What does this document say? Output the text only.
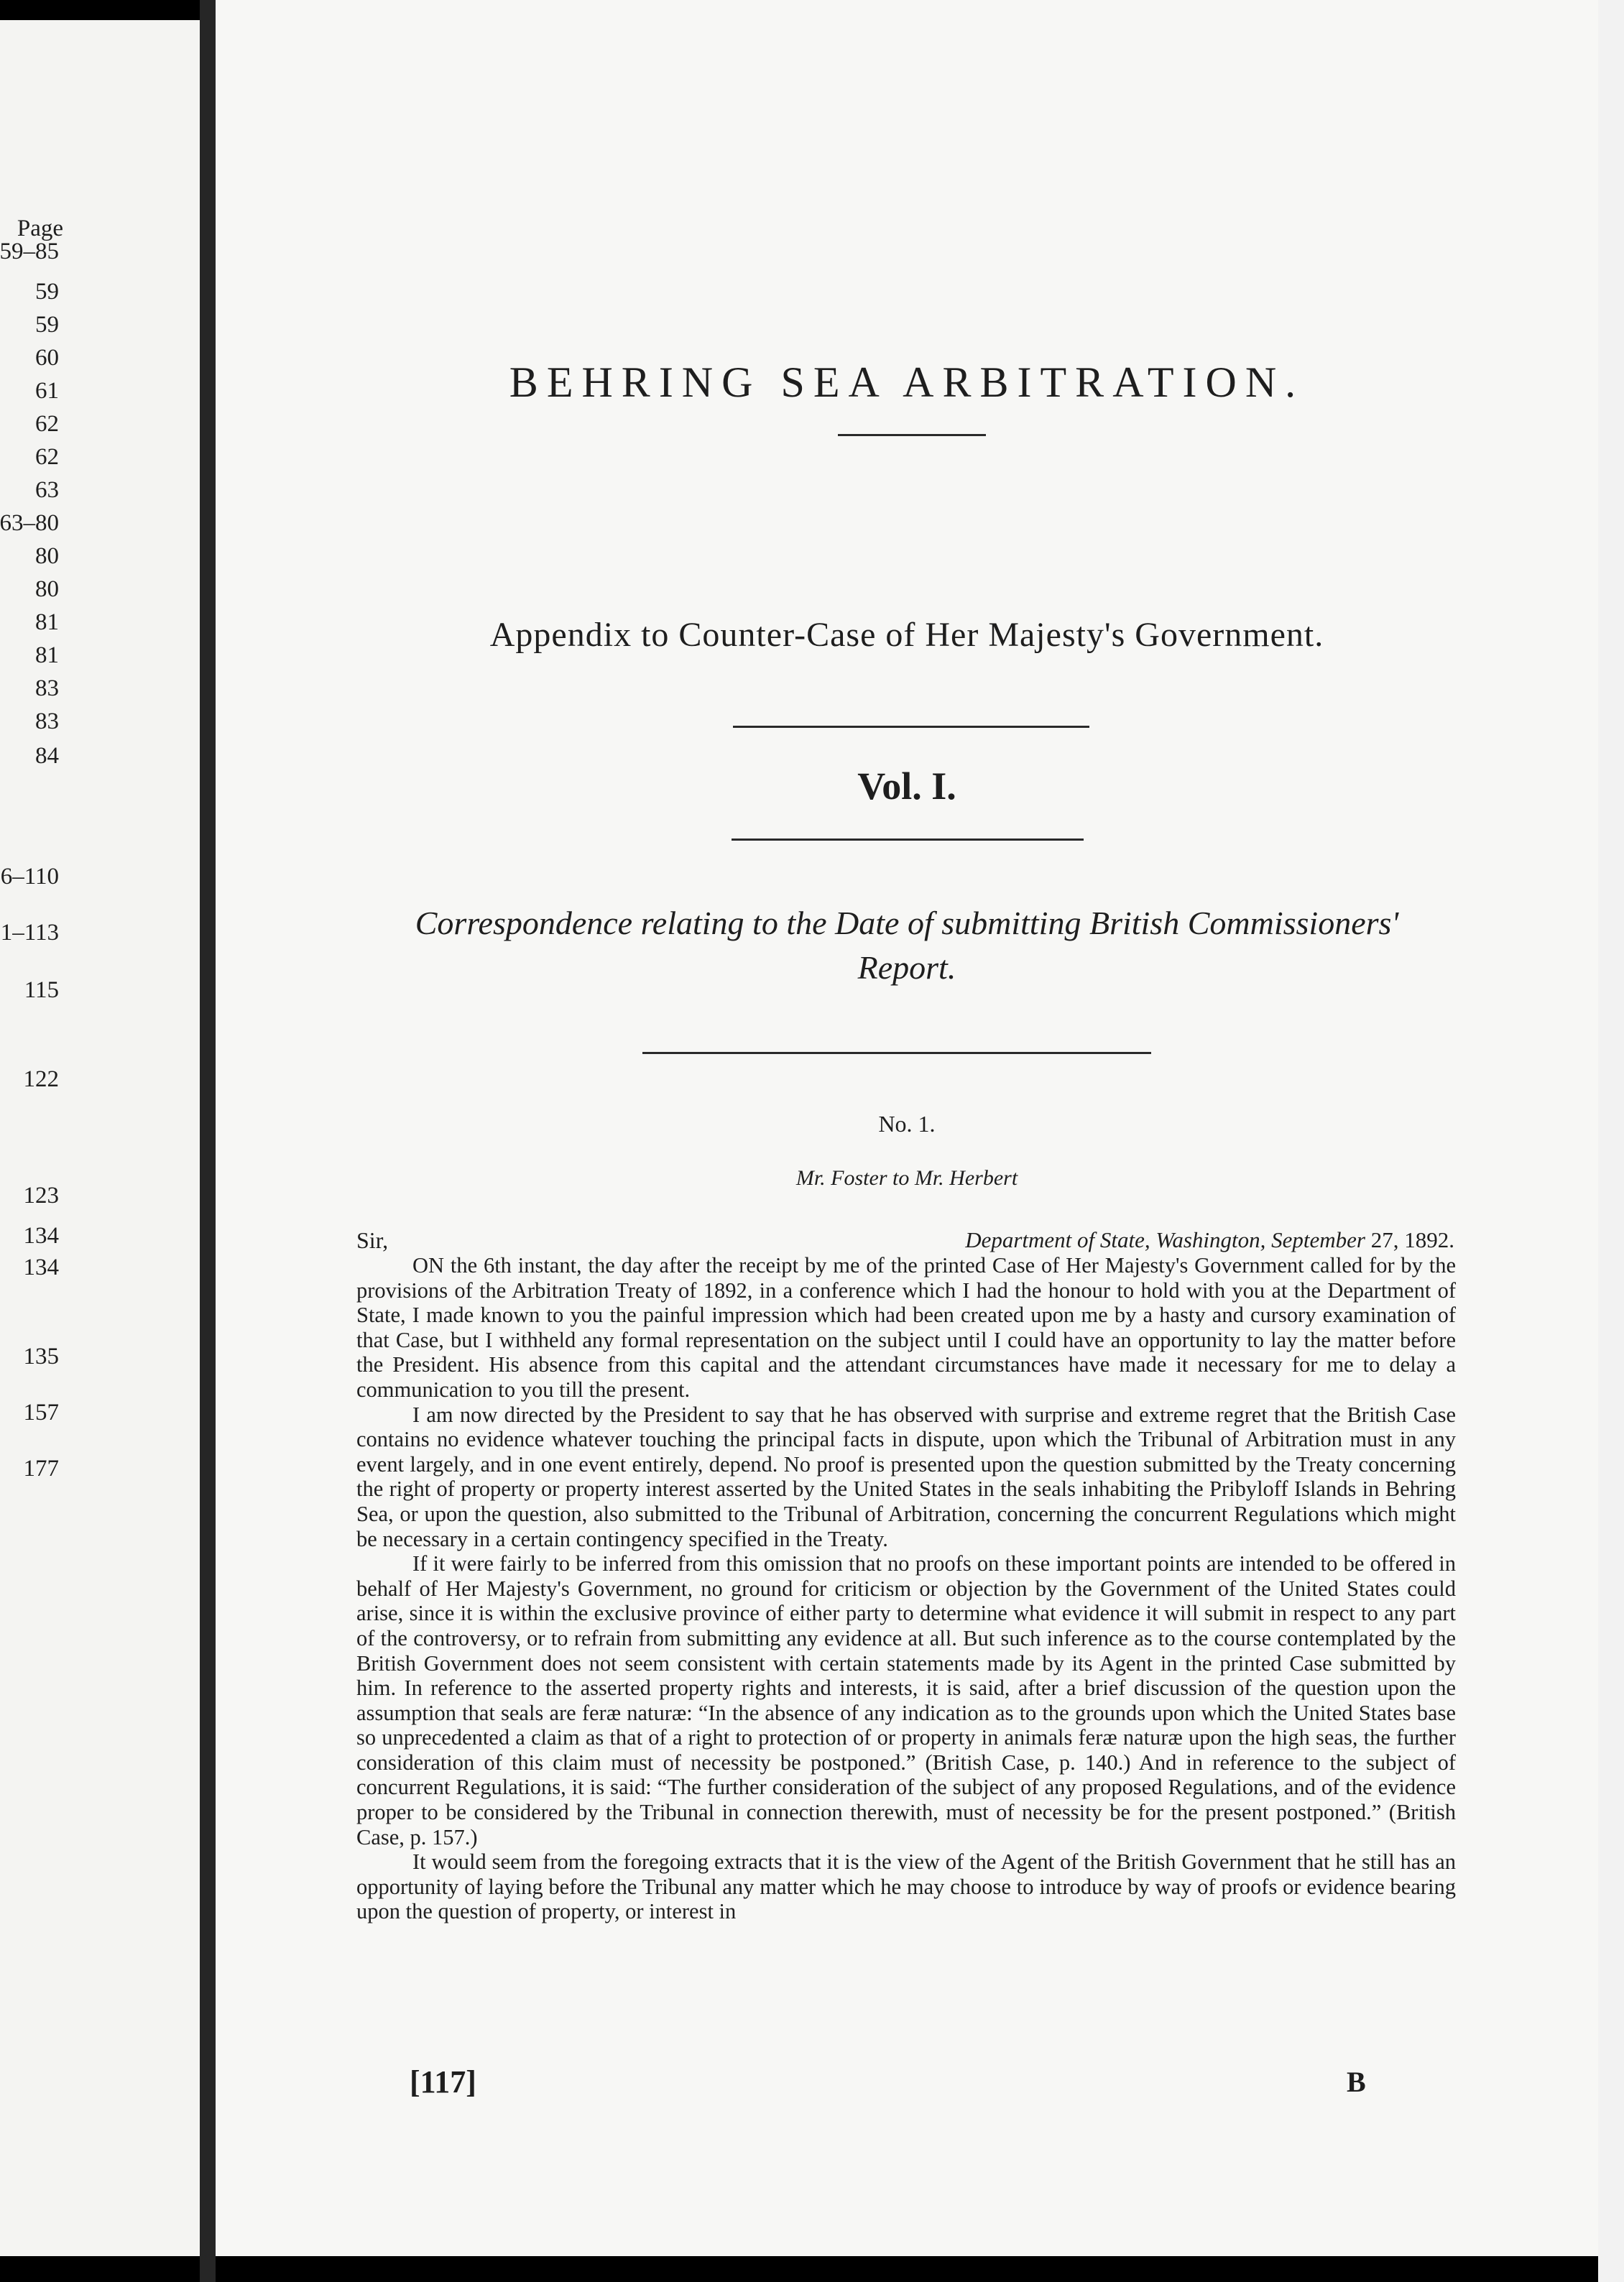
Page
59–85
59
59
60
61
62
62
63
63–80
80
80
81
81
83
83
84
6–110
1–113
115
122
123
134
134
135
157
177
BEHRING SEA ARBITRATION.
Appendix to Counter-Case of Her Majesty's Government.
Vol. I.
Correspondence relating to the Date of submitting British Commissioners'
Report.
No. 1.
Mr. Foster to Mr. Herbert
Sir,	Department of State, Washington, September 27, 1892.

ON the 6th instant, the day after the receipt by me of the printed Case of Her Majesty's Government called for by the provisions of the Arbitration Treaty of 1892, in a conference which I had the honour to hold with you at the Department of State, I made known to you the painful impression which had been created upon me by a hasty and cursory examination of that Case, but I withheld any formal representation on the subject until I could have an opportunity to lay the matter before the President. His absence from this capital and the attendant circumstances have made it necessary for me to delay a communication to you till the present.

I am now directed by the President to say that he has observed with surprise and extreme regret that the British Case contains no evidence whatever touching the principal facts in dispute, upon which the Tribunal of Arbitration must in any event largely, and in one event entirely, depend. No proof is presented upon the question submitted by the Treaty concerning the right of property or property interest asserted by the United States in the seals inhabiting the Pribyloff Islands in Behring Sea, or upon the question, also submitted to the Tribunal of Arbitration, concerning the concurrent Regulations which might be necessary in a certain contingency specified in the Treaty.

If it were fairly to be inferred from this omission that no proofs on these important points are intended to be offered in behalf of Her Majesty's Government, no ground for criticism or objection by the Government of the United States could arise, since it is within the exclusive province of either party to determine what evidence it will submit in respect to any part of the controversy, or to refrain from submitting any evidence at all. But such inference as to the course contemplated by the British Government does not seem consistent with certain statements made by its Agent in the printed Case submitted by him. In reference to the asserted property rights and interests, it is said, after a brief discussion of the question upon the assumption that seals are feræ naturæ: “In the absence of any indication as to the grounds upon which the United States base so unprecedented a claim as that of a right to protection of or property in animals feræ naturæ upon the high seas, the further consideration of this claim must of necessity be postponed.” (British Case, p. 140.) And in reference to the subject of concurrent Regulations, it is said: “The further consideration of the subject of any proposed Regulations, and of the evidence proper to be considered by the Tribunal in connection therewith, must of necessity be for the present postponed.” (British Case, p. 157.)

It would seem from the foregoing extracts that it is the view of the Agent of the British Government that he still has an opportunity of laying before the Tribunal any matter which he may choose to introduce by way of proofs or evidence bearing upon the question of property, or interest in

[117]	B
